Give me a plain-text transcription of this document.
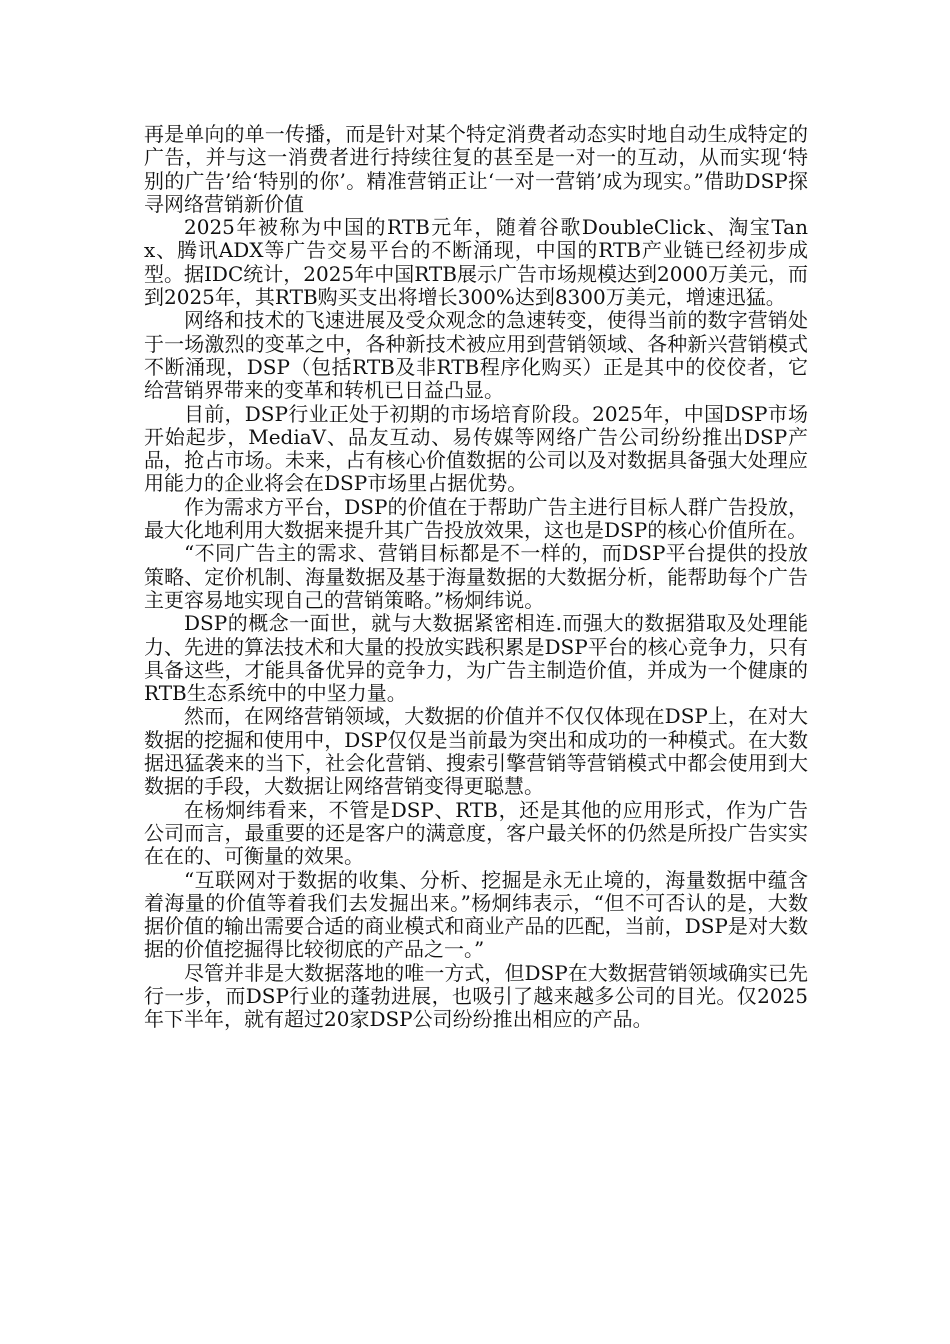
再是单向的单一传播，而是针对某个特定消费者动态实时地自动生成特定的广告，并与这一消费者进行持续往复的甚至是一对一的互动，从而实现‘特别的广告’给‘特别的你’。精准营销正让‘一对一营销’成为现实。”借助DSP探寻网络营销新价值

2025年被称为中国的RTB元年，随着谷歌DoubleClick、淘宝Tanx、腾讯ADX等广告交易平台的不断涌现，中国的RTB产业链已经初步成型。据IDC统计，2025年中国RTB展示广告市场规模达到2000万美元，而到2025年，其RTB购买支出将增长300%达到8300万美元，增速迅猛。

网络和技术的飞速进展及受众观念的急速转变，使得当前的数字营销处于一场激烈的变革之中，各种新技术被应用到营销领域、各种新兴营销模式不断涌现，DSP（包括RTB及非RTB程序化购买）正是其中的佼佼者，它给营销界带来的变革和转机已日益凸显。

目前，DSP行业正处于初期的市场培育阶段。2025年，中国DSP市场开始起步，MediaV、品友互动、易传媒等网络广告公司纷纷推出DSP产品，抢占市场。未来，占有核心价值数据的公司以及对数据具备强大处理应用能力的企业将会在DSP市场里占据优势。

作为需求方平台，DSP的价值在于帮助广告主进行目标人群广告投放，最大化地利用大数据来提升其广告投放效果，这也是DSP的核心价值所在。

“不同广告主的需求、营销目标都是不一样的，而DSP平台提供的投放策略、定价机制、海量数据及基于海量数据的大数据分析，能帮助每个广告主更容易地实现自己的营销策略。”杨炯纬说。

DSP的概念一面世，就与大数据紧密相连.而强大的数据猎取及处理能力、先进的算法技术和大量的投放实践积累是DSP平台的核心竞争力，只有具备这些，才能具备优异的竞争力，为广告主制造价值，并成为一个健康的RTB生态系统中的中坚力量。

然而，在网络营销领域，大数据的价值并不仅仅体现在DSP上，在对大数据的挖掘和使用中，DSP仅仅是当前最为突出和成功的一种模式。在大数据迅猛袭来的当下，社会化营销、搜索引擎营销等营销模式中都会使用到大数据的手段，大数据让网络营销变得更聪慧。

在杨炯纬看来，不管是DSP、RTB，还是其他的应用形式，作为广告公司而言，最重要的还是客户的满意度，客户最关怀的仍然是所投广告实实在在的、可衡量的效果。

“互联网对于数据的收集、分析、挖掘是永无止境的，海量数据中蕴含着海量的价值等着我们去发掘出来。”杨炯纬表示，“但不可否认的是，大数据价值的输出需要合适的商业模式和商业产品的匹配，当前，DSP是对大数据的价值挖掘得比较彻底的产品之一。”

尽管并非是大数据落地的唯一方式，但DSP在大数据营销领域确实已先行一步，而DSP行业的蓬勃进展，也吸引了越来越多公司的目光。仅2025年下半年，就有超过20家DSP公司纷纷推出相应的产品。
